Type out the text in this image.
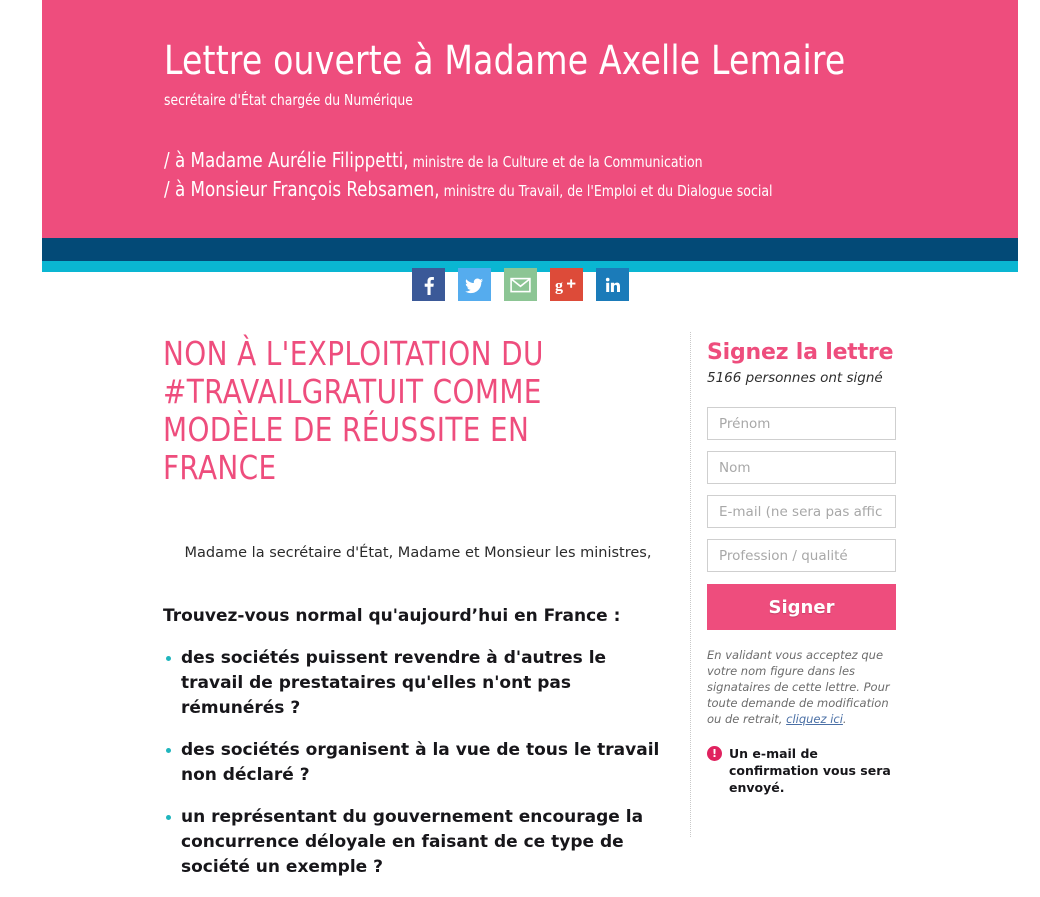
Lettre ouverte à Madame Axelle Lemaire
secrétaire d'État chargée du Numérique
/ à Madame Aurélie Filippetti, ministre de la Culture et de la Communication
/ à Monsieur François Rebsamen, ministre du Travail, de l'Emploi et du Dialogue social
g
NON À L'EXPLOITATION DU #TRAVAILGRATUIT COMME MODÈLE DE RÉUSSITE EN FRANCE

Madame la secrétaire d'État, Madame et Monsieur les ministres,

Trouvez-vous normal qu'aujourd’hui en France :

des sociétés puissent revendre à d'autres le travail de prestataires qu'elles n'ont pas rémunérés ?
des sociétés organisent à la vue de tous le travail non déclaré ?
un représentant du gouvernement encourage la concurrence déloyale en faisant de ce type de société un exemple ?
Signez la lettre
5166 personnes ont signé
Prénom
Nom
E-mail (ne sera pas affic
Profession / qualité
Signer
En validant vous acceptez que votre nom figure dans les signataires de cette lettre. Pour toute demande de modification ou de retrait, cliquez ici.
! Un e-mail de confirmation vous sera envoyé.
